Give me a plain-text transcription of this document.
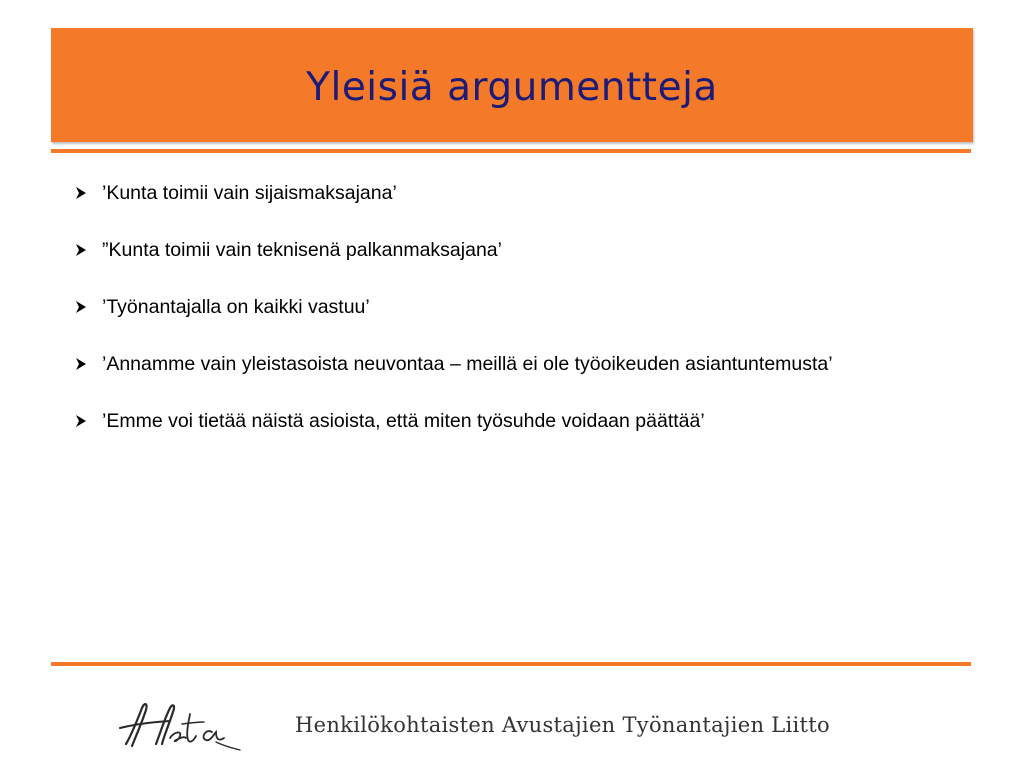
Yleisiä argumentteja
’Kunta toimii vain sijaismaksajana’
”Kunta toimii vain teknisenä palkanmaksajana’
’Työnantajalla on kaikki vastuu’
’Annamme vain yleistasoista neuvontaa – meillä ei ole työoikeuden asiantuntemusta’
’Emme voi tietää näistä asioista, että miten työsuhde voidaan päättää’
Henkilökohtaisten Avustajien Työnantajien Liitto
